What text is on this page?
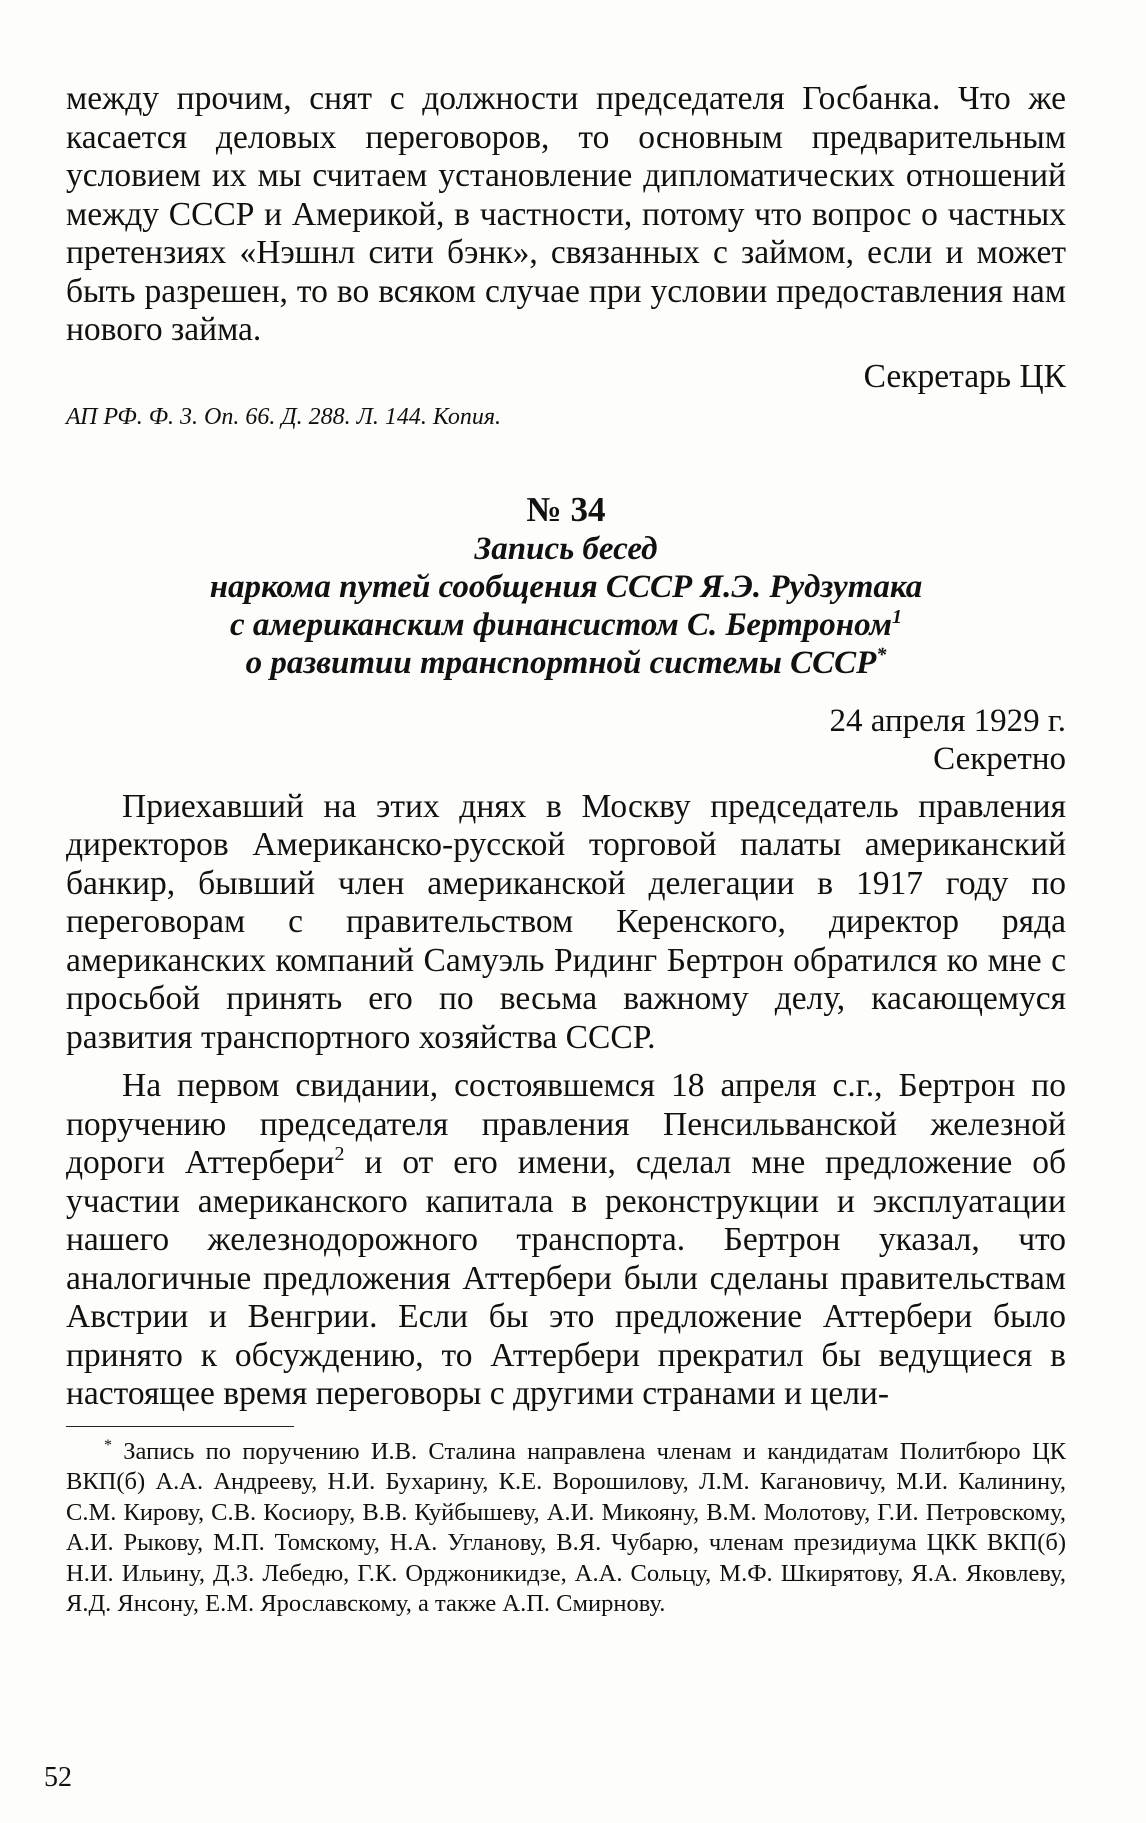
между прочим, снят с должности председателя Госбанка. Что же касается деловых переговоров, то основным предварительным условием их мы считаем установление дипломатических отношений между СССР и Америкой, в частности, потому что вопрос о частных претензиях «Нэшнл сити бэнк», связанных с займом, если и может быть разрешен, то во всяком случае при условии предоставления нам нового займа.

Секретарь ЦК

АП РФ. Ф. 3. Оп. 66. Д. 288. Л. 144. Копия.

№ 34

Запись бесед

наркома путей сообщения СССР Я.Э. Рудзутака

с американским финансистом С. Бертроном$^1$

о развитии транспортной системы СССР*

24 апреля 1929 г.

Секретно

Приехавший на этих днях в Москву председатель правления директоров Американско-русской торговой палаты американский банкир, бывший член американской делегации в 1917 году по переговорам с правительством Керенского, директор ряда американских компаний Самуэль Ридинг Бертрон обратился ко мне с просьбой принять его по весьма важному делу, касающемуся развития транспортного хозяйства СССР.

На первом свидании, состоявшемся 18 апреля с.г., Бертрон по поручению председателя правления Пенсильванской железной дороги Аттербери$^2$ и от его имени, сделал мне предложение об участии американского капитала в реконструкции и эксплуатации нашего железнодорожного транспорта. Бертрон указал, что аналогичные предложения Аттербери были сделаны правительствам Австрии и Венгрии. Если бы это предложение Аттербери было принято к обсуждению, то Аттербери прекратил бы ведущиеся в настоящее время переговоры с другими странами и цели-

* Запись по поручению И.В. Сталина направлена членам и кандидатам Политбюро ЦК ВКП(б) А.А. Андрееву, Н.И. Бухарину, К.Е. Ворошилову, Л.М. Кагановичу, М.И. Калинину, С.М. Кирову, С.В. Косиору, В.В. Куйбышеву, А.И. Микояну, В.М. Молотову, Г.И. Петровскому, А.И. Рыкову, М.П. Томскому, Н.А. Угланову, В.Я. Чубарю, членам президиума ЦКК ВКП(б) Н.И. Ильину, Д.З. Лебедю, Г.К. Орджоникидзе, А.А. Сольцу, М.Ф. Шкирятову, Я.А. Яковлеву, Я.Д. Янсону, Е.М. Ярославскому, а также А.П. Смирнову.

52
